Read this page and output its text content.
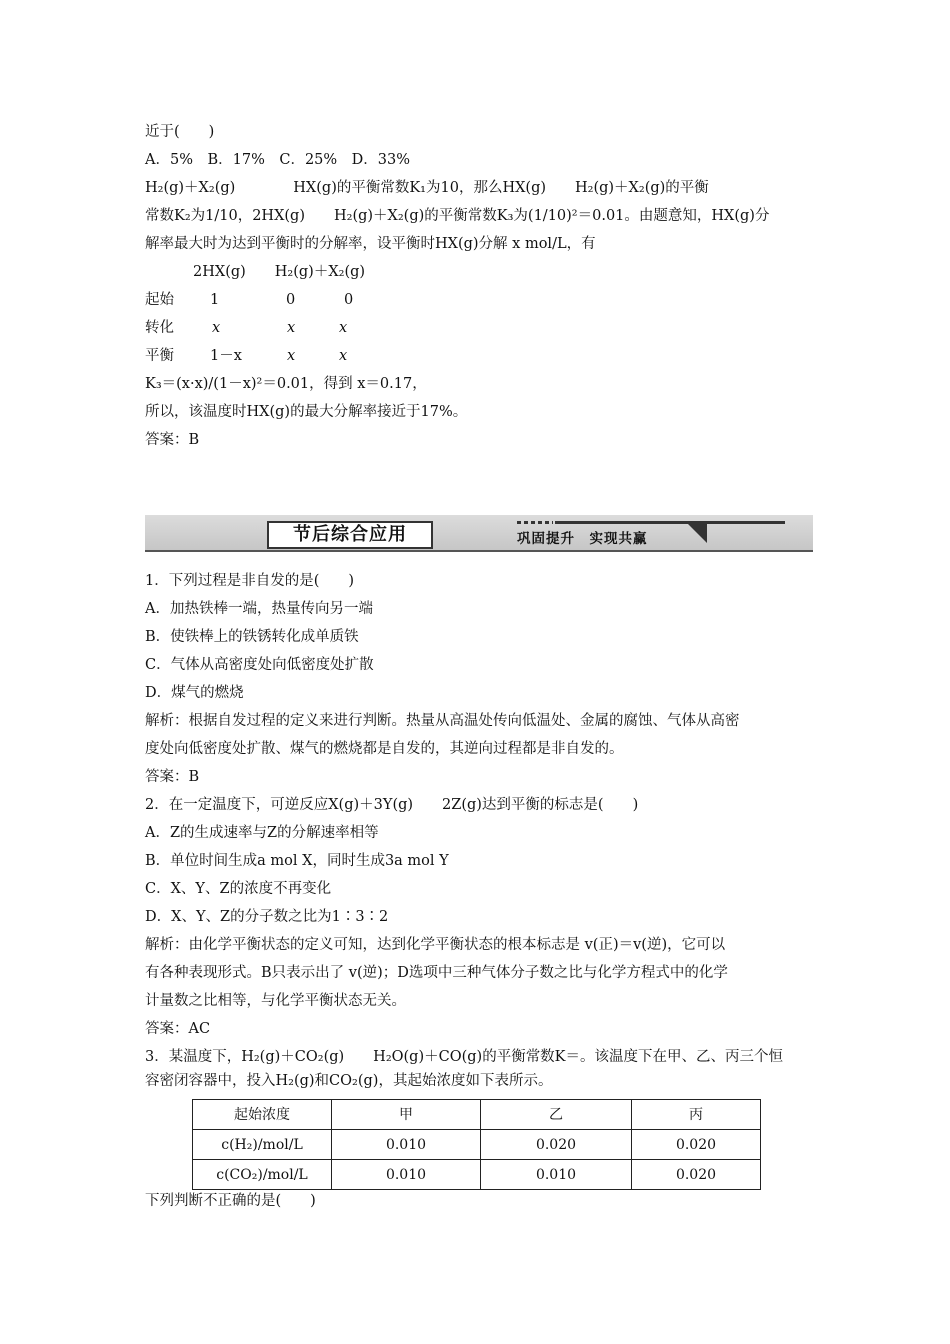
近于(　　)
A．5%　B．17%　C．25%　D．33%
H₂(g)＋X₂(g)　　　　HX(g)的平衡常数K₁为10，那么HX(g)　　H₂(g)＋X₂(g)的平衡
常数K₂为1/10，2HX(g)　　H₂(g)＋X₂(g)的平衡常数K₃为(1/10)²＝0.01。由题意知，HX(g)分
解率最大时为达到平衡时的分解率，设平衡时HX(g)分解 x mol/L，有
2HX(g)　　H₂(g)＋X₂(g)
起始 1	0	0
转化	x	x	x
平衡 1－x	x	x
K₃＝(x·x)/(1－x)²＝0.01，得到 x＝0.17，
所以，该温度时HX(g)的最大分解率接近于17%。
答案：B
节后综合应用	巩固提升　实现共赢
1．下列过程是非自发的是(　　)
A．加热铁棒一端，热量传向另一端
B．使铁棒上的铁锈转化成单质铁
C．气体从高密度处向低密度处扩散
D．煤气的燃烧
解析：根据自发过程的定义来进行判断。热量从高温处传向低温处、金属的腐蚀、气体从高密
度处向低密度处扩散、煤气的燃烧都是自发的，其逆向过程都是非自发的。
答案：B
2．在一定温度下，可逆反应X(g)＋3Y(g)　　2Z(g)达到平衡的标志是(　　)
A．Z的生成速率与Z的分解速率相等
B．单位时间生成a mol X，同时生成3a mol Y
C．X、Y、Z的浓度不再变化
D．X、Y、Z的分子数之比为1∶3∶2
解析：由化学平衡状态的定义可知，达到化学平衡状态的根本标志是 v(正)＝v(逆)，它可以
有各种表现形式。B只表示出了 v(逆)；D选项中三种气体分子数之比与化学方程式中的化学
计量数之比相等，与化学平衡状态无关。
答案：AC
3．某温度下，H₂(g)＋CO₂(g)　　H₂O(g)＋CO(g)的平衡常数K＝。该温度下在甲、乙、丙三个恒
容密闭容器中，投入H₂(g)和CO₂(g)，其起始浓度如下表所示。
起始浓度	甲	乙	丙
c(H₂)/mol/L	0.010	0.020	0.020
c(CO₂)/mol/L	0.010	0.010	0.020
下列判断不正确的是(　　)
